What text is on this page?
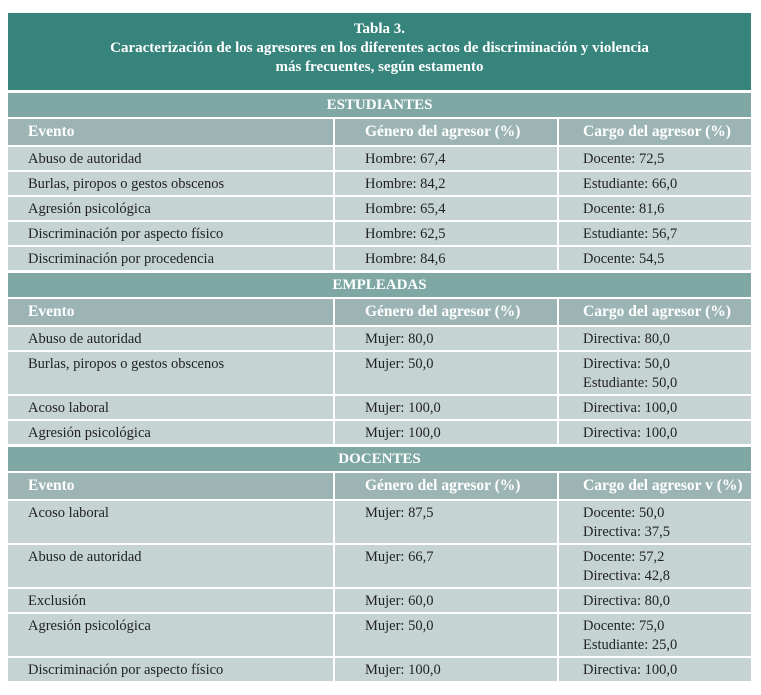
Tabla 3.
Caracterización de los agresores en los diferentes actos de discriminación y violencia
más frecuentes, según estamento
ESTUDIANTES
Evento	Género del agresor (%)	Cargo del agresor (%)
Abuso de autoridad	Hombre: 67,4	Docente: 72,5
Burlas, piropos o gestos obscenos	Hombre: 84,2	Estudiante: 66,0
Agresión psicológica	Hombre: 65,4	Docente: 81,6
Discriminación por aspecto físico	Hombre: 62,5	Estudiante: 56,7
Discriminación por procedencia	Hombre: 84,6	Docente: 54,5
EMPLEADAS
Evento	Género del agresor (%)	Cargo del agresor (%)
Abuso de autoridad	Mujer: 80,0	Directiva: 80,0
Burlas, piropos o gestos obscenos	Mujer: 50,0	Directiva: 50,0
Estudiante: 50,0
Acoso laboral	Mujer: 100,0	Directiva: 100,0
Agresión psicológica	Mujer: 100,0	Directiva: 100,0
DOCENTES
Evento	Género del agresor (%)	Cargo del agresor v (%)
Acoso laboral	Mujer: 87,5	Docente: 50,0
Directiva: 37,5
Abuso de autoridad	Mujer: 66,7	Docente: 57,2
Directiva: 42,8
Exclusión	Mujer: 60,0	Directiva: 80,0
Agresión psicológica	Mujer: 50,0	Docente: 75,0
Estudiante: 25,0
Discriminación por aspecto físico	Mujer: 100,0	Directiva: 100,0
